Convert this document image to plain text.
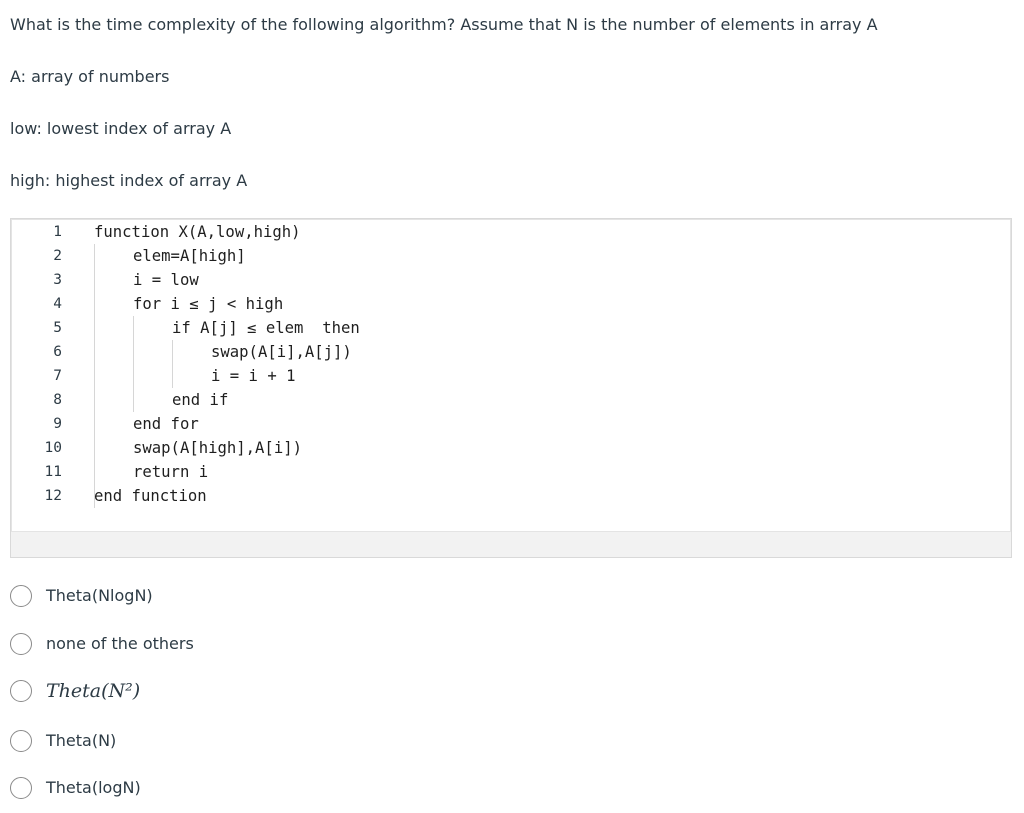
What is the time complexity of the following algorithm? Assume that N is the number of elements in array A

A: array of numbers

low: lowest index of array A

high: highest index of array A

1 function X(A,low,high)
2	elem=A[high]
3	i = low
4	for i ≤ j < high
5	if A[j] ≤ elem  then
6	swap(A[i],A[j])
7	i = i + 1
8	end if
9	end for
10	swap(A[high],A[i])
11	return i
12 end function
Theta(NlogN)
none of the others
Theta(N²)
Theta(N)
Theta(logN)
